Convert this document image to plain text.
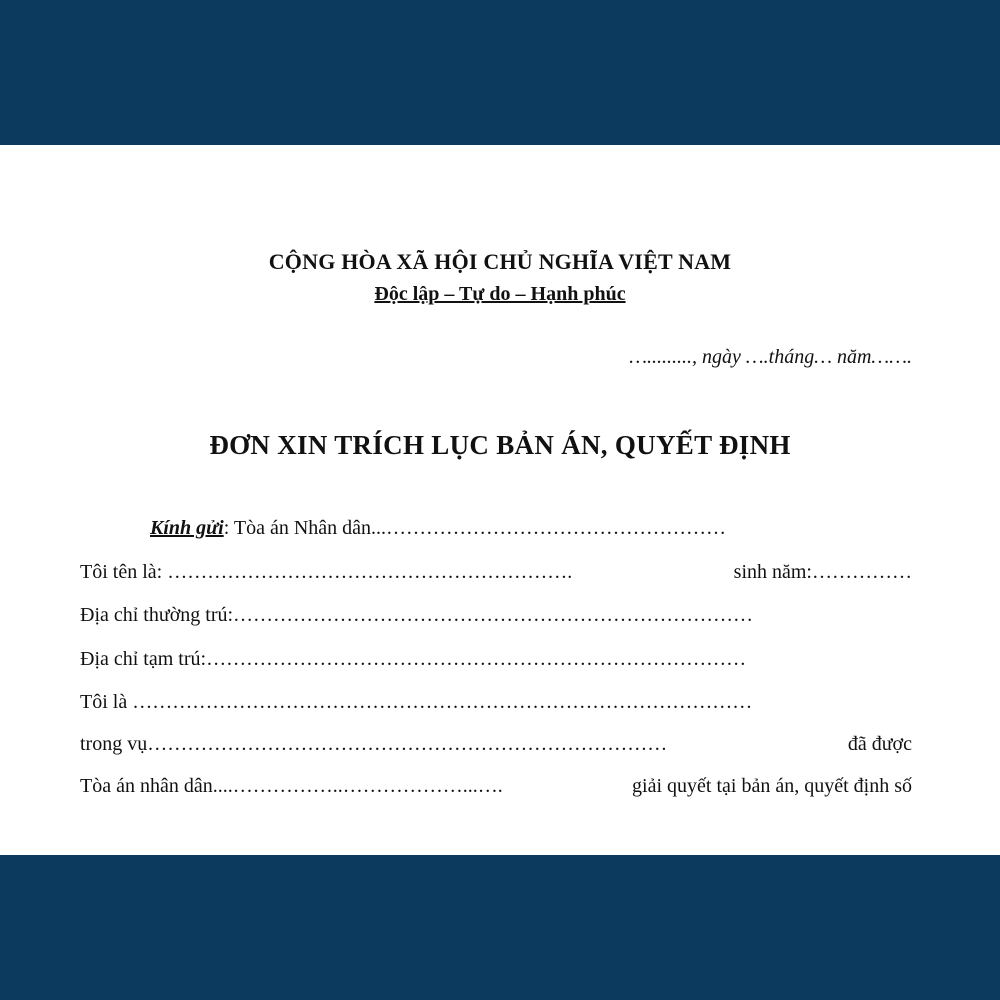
CỘNG HÒA XÃ HỘI CHỦ NGHĨA VIỆT NAM
Độc lập – Tự do – Hạnh phúc
…........., ngày ….tháng… năm…….
ĐƠN XIN TRÍCH LỤC BẢN ÁN, QUYẾT ĐỊNH
Kính gửi: Tòa án Nhân dân...……………………………………………
Tôi tên là: …………………………………………………….	sinh năm:……………
Địa chỉ thường trú:……………………………………………………………………
Địa chỉ tạm trú:………………………………………………………………………
Tôi là …………………………………………………………………………………
trong vụ……………………………………………………………………	đã được
Tòa án nhân dân....……………..………………...….	giải quyết tại bản án, quyết định số
